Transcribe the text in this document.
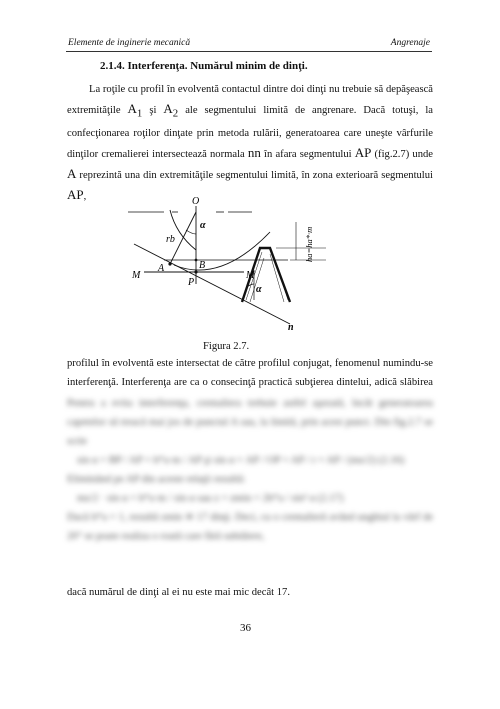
Elemente de inginerie mecanică	Angrenaje
2.1.4. Interferenţa. Numărul minim de dinţi.
La roţile cu profil în evolventă contactul dintre doi dinţi nu trebuie să depăşească extremităţile $A_1$ şi $A_2$ ale segmentului limită de angrenare. Dacă totuşi, la confecţionarea roţilor dinţate prin metoda rulării, generatoarea care uneşte vârfurile dinţilor cremalierei intersectează normala nn în afara segmentului AP (fig.2.7) unde A reprezintă una din extremităţile segmentului limită, în zona exterioară segmentului AP,	O
α
rb
B
A
M
P
M
α
n
ha=ha*·m
Figura 2.7.
profilul în evolventă este intersectat de către profilul conjugat, fenomenul numindu-se interferenţă. Interferenţa are ca o consecinţă practică subţierea dintelui, adică slăbirea
Pentru a evita interferenţa, cremaliera trebuie astfel aşezată, încât generatoarea capetelor să treacă mai jos de punctul A sau, la limită, prin acest punct. Din fig.2.7 se scrie
sin α = BP / AP = h*a·m / AP şi sin α = AP / OP = AP / r = AP / (mz/2) (2.16)
Eliminând pe AP din aceste relaţii rezultă:
mz/2 · sin α = h*a·m / sin α sau z = zmin = 2h*a / sin² α (2.17)
Dacă h*a = 1, rezultă zmin ≅ 17 dinţi. Deci, cu o cremalieră având unghiul la vârf de 20° se poate realiza o roată care fără subtăiere,
dacă numărul de dinţi al ei nu este mai mic decât 17.
36
